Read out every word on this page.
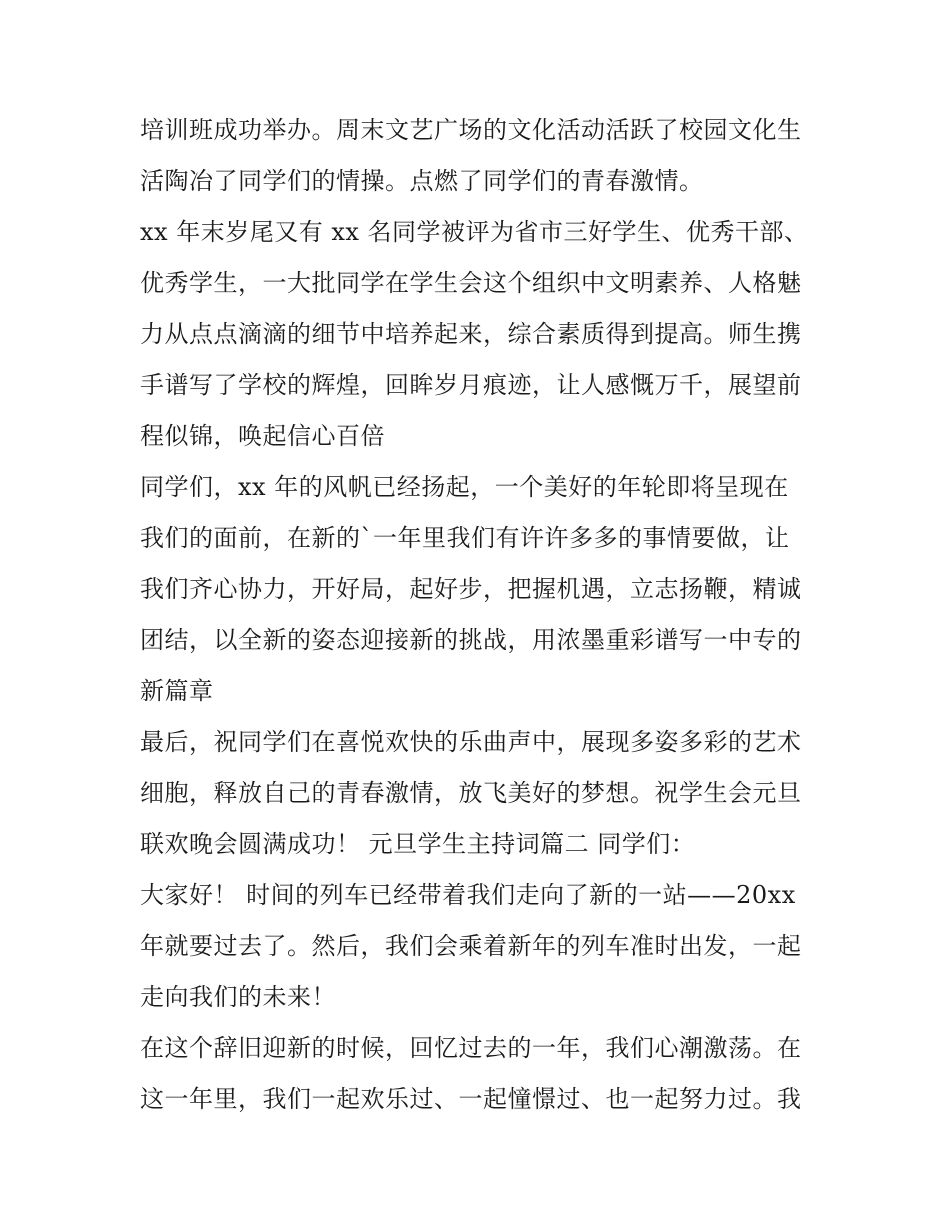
培训班成功举办。周末文艺广场的文化活动活跃了校园文化生
活陶冶了同学们的情操。点燃了同学们的青春激情。
xx 年末岁尾又有 xx 名同学被评为省市三好学生、优秀干部、
优秀学生，一大批同学在学生会这个组织中文明素养、人格魅
力从点点滴滴的细节中培养起来，综合素质得到提高。师生携
手谱写了学校的辉煌，回眸岁月痕迹，让人感慨万千，展望前
程似锦，唤起信心百倍
同学们，xx 年的风帆已经扬起，一个美好的年轮即将呈现在
我们的面前，在新的`一年里我们有许许多多的事情要做，让
我们齐心协力，开好局，起好步，把握机遇，立志扬鞭，精诚
团结，以全新的姿态迎接新的挑战，用浓墨重彩谱写一中专的
新篇章
最后，祝同学们在喜悦欢快的乐曲声中，展现多姿多彩的艺术
细胞，释放自己的青春激情，放飞美好的梦想。祝学生会元旦
联欢晚会圆满成功！ 元旦学生主持词篇二 同学们：
大家好！ 时间的列车已经带着我们走向了新的一站——20xx
年就要过去了。然后，我们会乘着新年的列车准时出发，一起
走向我们的未来！
在这个辞旧迎新的时候，回忆过去的一年，我们心潮激荡。在
这一年里，我们一起欢乐过、一起憧憬过、也一起努力过。我
